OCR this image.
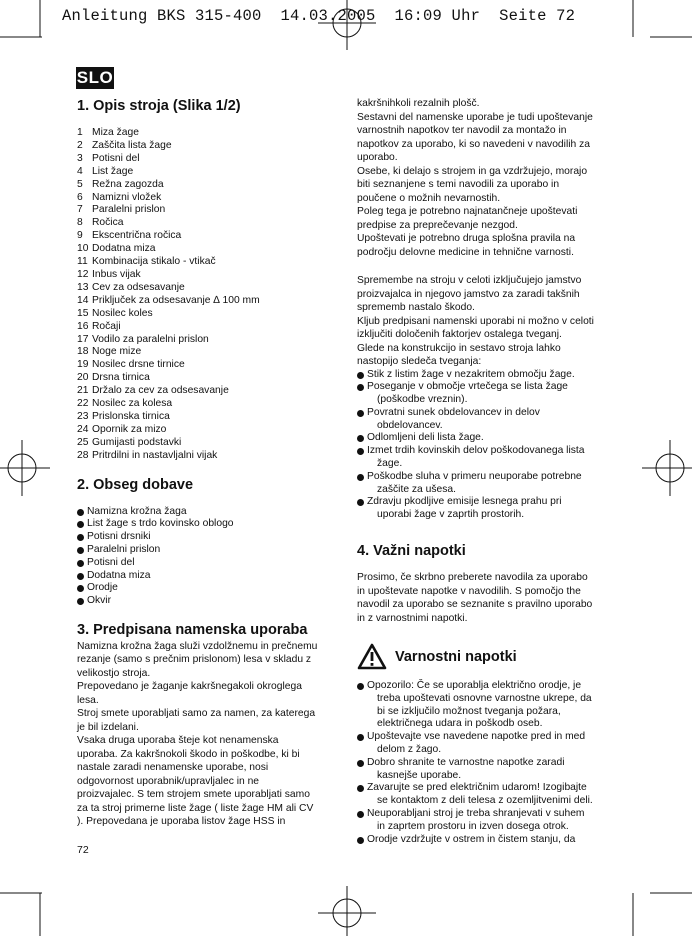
Anleitung BKS 315-400  14.03.2005  16:09 Uhr  Seite 72
SLO
1. Opis stroja (Slika 1/2)
1 Miza žage
2 Zaščita lista žage
3 Potisni del
4 List žage
5 Režna zagozda
6 Namizni vložek
7 Paralelni prislon
8 Ročica
9 Ekscentrična ročica
10 Dodatna miza
11 Kombinacija stikalo - vtikač
12 Inbus vijak
13 Cev za odsesavanje
14 Priključek za odsesavanje ∆ 100 mm
15 Nosilec koles
16 Ročaji
17 Vodilo za paralelni prislon
18 Noge mize
19 Nosilec drsne tirnice
20 Drsna tirnica
21 Držalo za cev za odsesavanje
22 Nosilec za kolesa
23 Prislonska tirnica
24 Opornik za mizo
25 Gumijasti podstavki
28 Pritrdilni in nastavljalni vijak
2. Obseg dobave
Namizna krožna žaga
List žage s trdo kovinsko oblogo
Potisni drsniki
Paralelni prislon
Potisni del
Dodatna miza
Orodje
Okvir
3. Predpisana namenska uporaba
Namizna krožna žaga služi vzdolžnemu in prečnemu
rezanje (samo s prečnim prislonom) lesa v skladu z
velikostjo stroja.
Prepovedano je žaganje kakršnegakoli okroglega
lesa.
Stroj smete uporabljati samo za namen, za katerega
je bil izdelani.
Vsaka druga uporaba šteje kot nenamenska
uporaba. Za kakršnokoli škodo in poškodbe, ki bi
nastale zaradi nenamenske uporabe, nosi
odgovornost uporabnik/upravljalec in ne
proizvajalec. S tem strojem smete uporabljati samo
za ta stroj primerne liste žage ( liste žage HM ali CV
). Prepovedana je uporaba listov žage HSS in
kakršnihkoli rezalnih plošč.
Sestavni del namenske uporabe je tudi upoštevanje
varnostnih napotkov ter navodil za montažo in
napotkov za uporabo, ki so navedeni v navodilih za
uporabo.
Osebe, ki delajo s strojem in ga vzdržujejo, morajo
biti seznanjene s temi navodili za uporabo in
poučene o možnih nevarnostih.
Poleg tega je potrebno najnatančneje upoštevati
predpise za preprečevanje nezgod.
Upoštevati je potrebno druga splošna pravila na
področju delovne medicine in tehnične varnosti.
Spremembe na stroju v celoti izključujejo jamstvo
proizvajalca in njegovo jamstvo za zaradi takšnih
sprememb nastalo škodo.
Kljub predpisani namenski uporabi ni možno v celoti
izključiti določenih faktorjev ostalega tveganj.
Glede na konstrukcijo in sestavo stroja lahko
nastopijo sledeča tveganja:
Stik z listim žage v nezakritem območju žage.
Poseganje v območje vrtečega se lista žage
(poškodbe vreznin).
Povratni sunek obdelovancev in delov
obdelovancev.
Odlomljeni deli lista žage.
Izmet trdih kovinskih delov poškodovanega lista
žage.
Poškodbe sluha v primeru neuporabe potrebne
zaščite za ušesa.
Zdravju pkodljive emisije lesnega prahu pri
uporabi žage v zaprtih prostorih.
4. Važni napotki
Prosimo, če skrbno preberete navodila za uporabo
in upoštevate napotke v navodilih. S pomočjo the
navodil za uporabo se seznanite s pravilno uporabo
in z varnostnimi napotki.
Varnostni napotki
Opozorilo: Če se uporablja električno orodje, je
treba upoštevati osnovne varnostne ukrepe, da
bi se izključilo možnost tveganja požara,
električnega udara in poškodb oseb.
Upoštevajte vse navedene napotke pred in med
delom z žago.
Dobro shranite te varnostne napotke zaradi
kasnejše uporabe.
Zavarujte se pred električnim udarom! Izogibajte
se kontaktom z deli telesa z ozemljitvenimi deli.
Neuporabljani stroj je treba shranjevati v suhem
in zaprtem prostoru in izven dosega otrok.
Orodje vzdržujte v ostrem in čistem stanju, da
72
